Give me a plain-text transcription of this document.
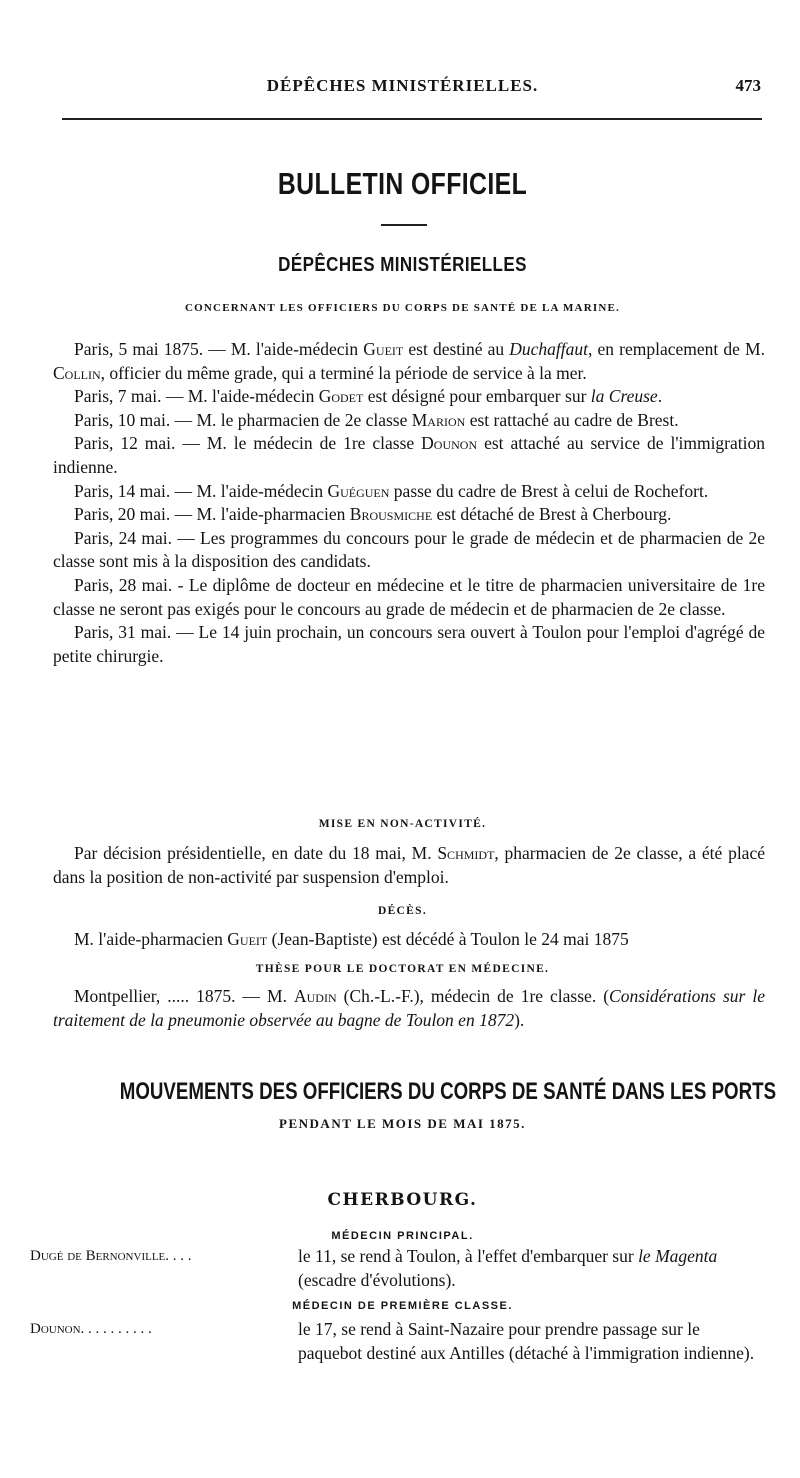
DÉPÊCHES MINISTÉRIELLES.	473
BULLETIN OFFICIEL
DÉPÊCHES MINISTÉRIELLES
CONCERNANT LES OFFICIERS DU CORPS DE SANTÉ DE LA MARINE.

Paris, 5 mai 1875. — M. l'aide-médecin Gueit est destiné au Duchaffaut, en remplacement de M. Collin, officier du même grade, qui a terminé la période de service à la mer.

Paris, 7 mai. — M. l'aide-médecin Godet est désigné pour embarquer sur la Creuse.

Paris, 10 mai. — M. le pharmacien de 2e classe Marion est rattaché au cadre de Brest.

Paris, 12 mai. — M. le médecin de 1re classe Dounon est attaché au service de l'immigration indienne.

Paris, 14 mai. — M. l'aide-médecin Guéguen passe du cadre de Brest à celui de Rochefort.

Paris, 20 mai. — M. l'aide-pharmacien Brousmiche est détaché de Brest à Cherbourg.

Paris, 24 mai. — Les programmes du concours pour le grade de médecin et de pharmacien de 2e classe sont mis à la disposition des candidats.

Paris, 28 mai. - Le diplôme de docteur en médecine et le titre de pharmacien universitaire de 1re classe ne seront pas exigés pour le concours au grade de médecin et de pharmacien de 2e classe.

Paris, 31 mai. — Le 14 juin prochain, un concours sera ouvert à Toulon pour l'emploi d'agrégé de petite chirurgie.

MISE EN NON-ACTIVITÉ.
Par décision présidentielle, en date du 18 mai, M. Schmidt, pharmacien de 2e classe, a été placé dans la position de non-activité par suspension d'emploi.
DÉCÈS.
M. l'aide-pharmacien Gueit (Jean-Baptiste) est décédé à Toulon le 24 mai 1875
THÈSE POUR LE DOCTORAT EN MÉDECINE.
Montpellier, ..... 1875. — M. Audin (Ch.-L.-F.), médecin de 1re classe. (Considérations sur le traitement de la pneumonie observée au bagne de Toulon en 1872).
MOUVEMENTS DES OFFICIERS DU CORPS DE SANTÉ DANS LES PORTS
PENDANT LE MOIS DE MAI 1875.
CHERBOURG.
MÉDECIN PRINCIPAL.
Dugé de Bernonville. . . .	le 11, se rend à Toulon, à l'effet d'embarquer sur le Magenta (escadre d'évolutions).
MÉDECIN DE PREMIÈRE CLASSE.
Dounon. . . . . . . . . .	le 17, se rend à Saint-Nazaire pour prendre passage sur le paquebot destiné aux Antilles (détaché à l'immigration indienne).
